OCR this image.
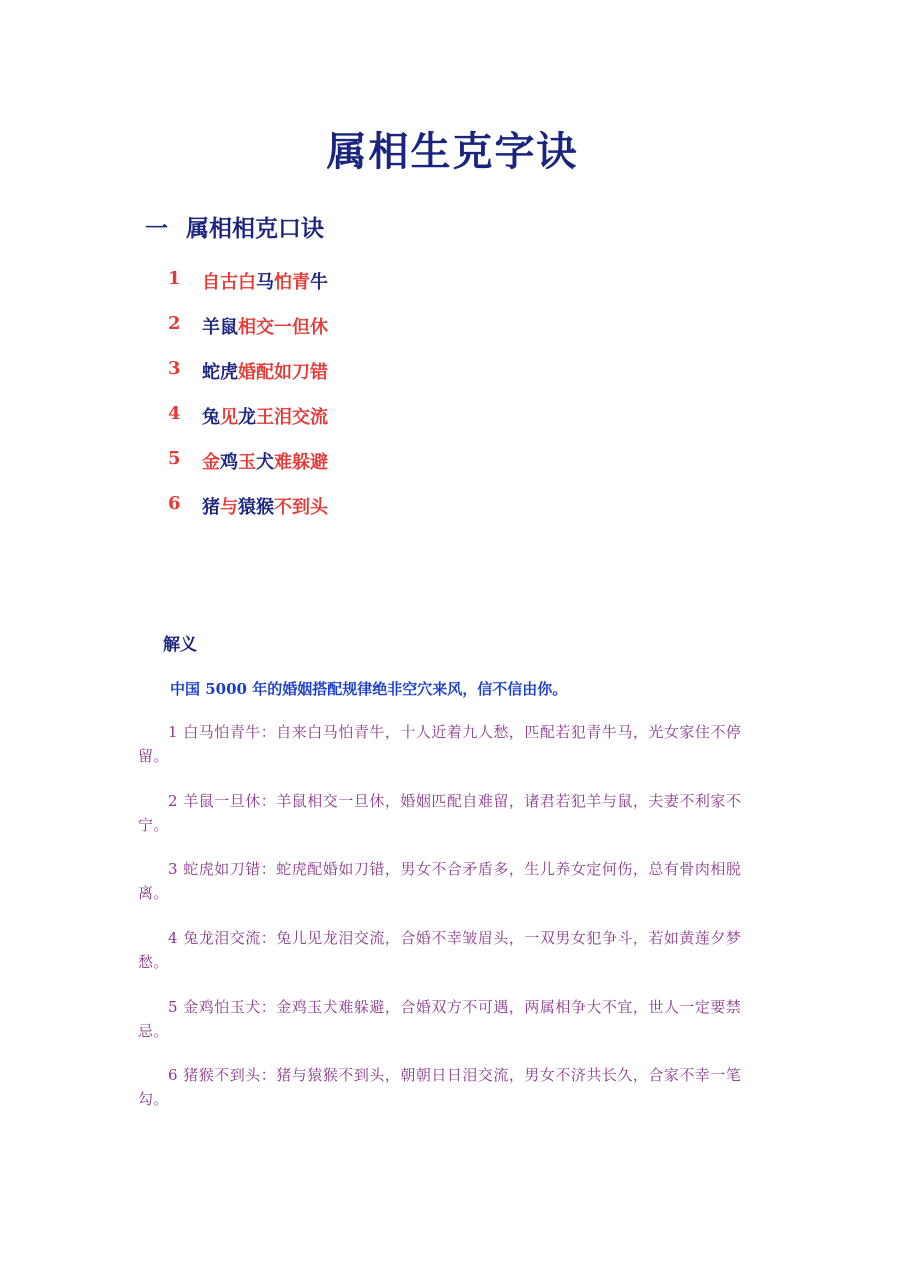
属相生克字诀
一 属相相克口诀
1	自古白马怕青牛
2	羊鼠相交一但休
3	蛇虎婚配如刀错
4	兔见龙王泪交流
5	金鸡玉犬难躲避
6	猪与猿猴不到头
解义
中国 5000 年的婚姻搭配规律绝非空穴来风，信不信由你。
1 白马怕青牛：自来白马怕青牛，十人近着九人愁，匹配若犯青牛马，光女家住不停留。
2 羊鼠一旦休：羊鼠相交一旦休，婚姻匹配自难留，诸君若犯羊与鼠，夫妻不利家不宁。
3 蛇虎如刀错：蛇虎配婚如刀错，男女不合矛盾多，生儿养女定何伤，总有骨肉相脱离。
4 兔龙泪交流：兔儿见龙泪交流，合婚不幸皱眉头，一双男女犯争斗，若如黄莲夕梦愁。
5 金鸡怕玉犬：金鸡玉犬难躲避，合婚双方不可遇，两属相争大不宜，世人一定要禁忌。
6 猪猴不到头：猪与猿猴不到头，朝朝日日泪交流，男女不济共长久，合家不幸一笔勾。
